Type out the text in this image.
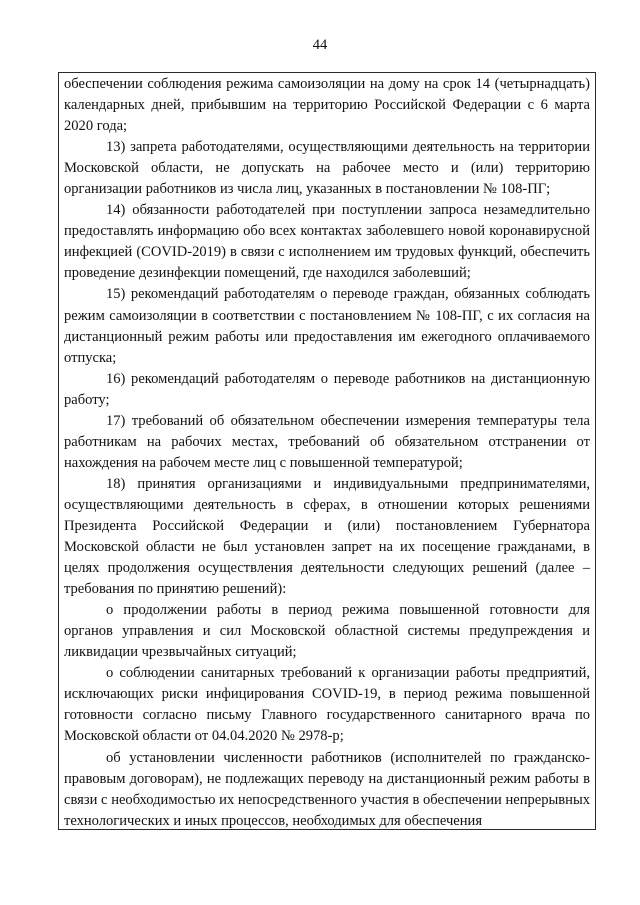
44

обеспечении соблюдения режима самоизоляции на дому на срок 14 (четырнадцать) календарных дней, прибывшим на территорию Российской Федерации с 6 марта 2020 года;

13) запрета работодателями, осуществляющими деятельность на территории Московской области, не допускать на рабочее место и (или) территорию организации работников из числа лиц, указанных в постановлении № 108-ПГ;

14) обязанности работодателей при поступлении запроса незамедлительно предоставлять информацию обо всех контактах заболевшего новой коронавирусной инфекцией (COVID-2019) в связи с исполнением им трудовых функций, обеспечить проведение дезинфекции помещений, где находился заболевший;

15) рекомендаций работодателям о переводе граждан, обязанных соблюдать режим самоизоляции в соответствии с постановлением № 108-ПГ, с их согласия на дистанционный режим работы или предоставления им ежегодного оплачиваемого отпуска;

16) рекомендаций работодателям о переводе работников на дистанционную работу;

17) требований об обязательном обеспечении измерения температуры тела работникам на рабочих местах, требований об обязательном отстранении от нахождения на рабочем месте лиц с повышенной температурой;

18) принятия организациями и индивидуальными предпринимателями, осуществляющими деятельность в сферах, в отношении которых решениями Президента Российской Федерации и (или) постановлением Губернатора Московской области не был установлен запрет на их посещение гражданами, в целях продолжения осуществления деятельности следующих решений (далее – требования по принятию решений):

о продолжении работы в период режима повышенной готовности для органов управления и сил Московской областной системы предупреждения и ликвидации чрезвычайных ситуаций;

о соблюдении санитарных требований к организации работы предприятий, исключающих риски инфицирования COVID-19, в период режима повышенной готовности согласно письму Главного государственного санитарного врача по Московской области от 04.04.2020 № 2978-р;

об установлении численности работников (исполнителей по гражданско-правовым договорам), не подлежащих переводу на дистанционный режим работы в связи с необходимостью их непосредственного участия в обеспечении непрерывных технологических и иных процессов, необходимых для обеспечения
